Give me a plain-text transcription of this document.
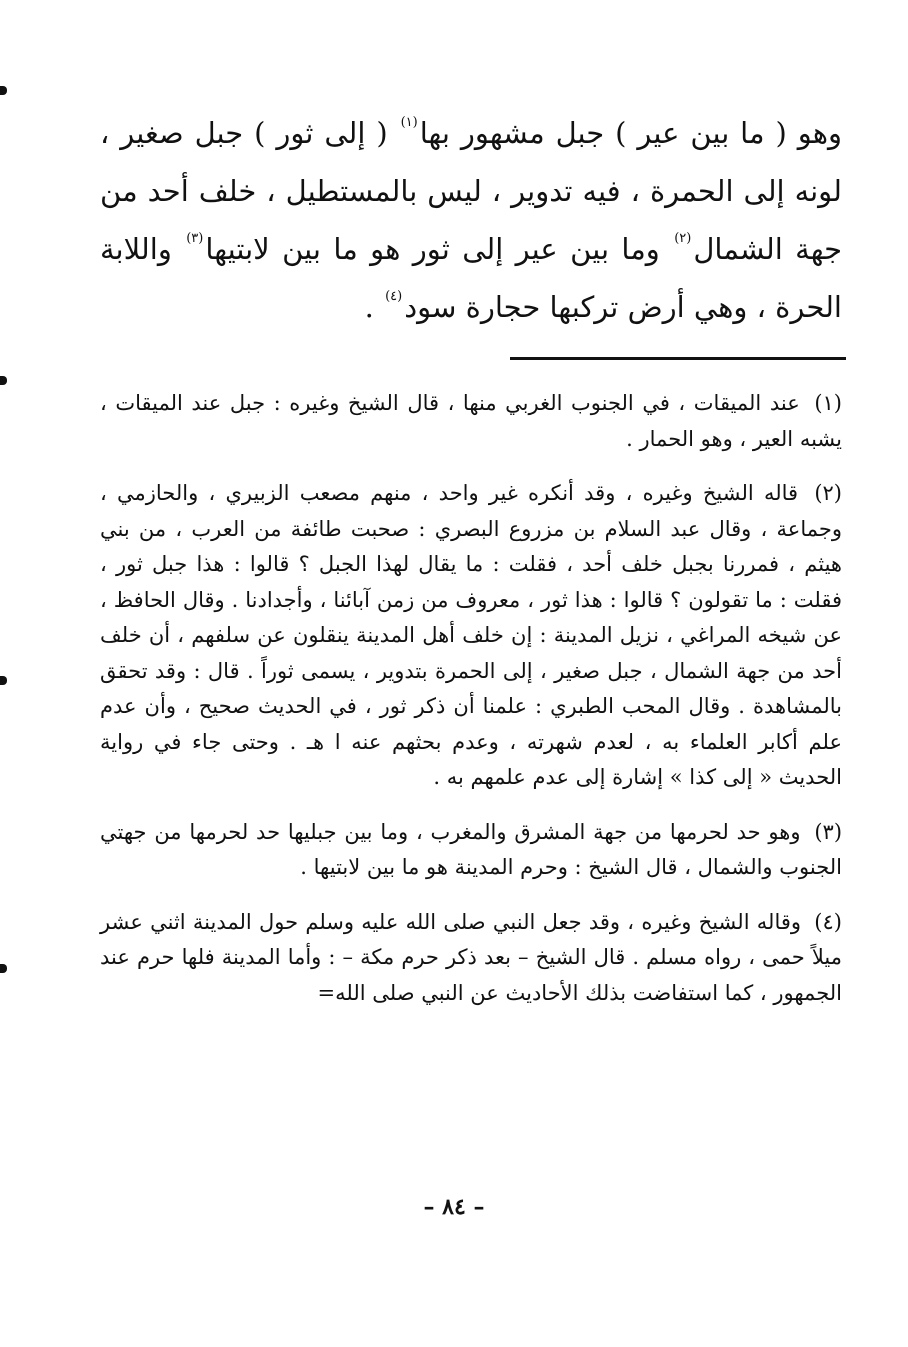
وهو ( ما بين عير ) جبل مشهور بها$^{(١)}$ ( إلى ثور ) جبل صغير ، لونه إلى الحمرة ، فيه تدوير ، ليس بالمستطيل ، خلف أحد من جهة الشمال$^{(٢)}$ وما بين عير إلى ثور هو ما بين لابتيها$^{(٣)}$ واللابة الحرة ، وهي أرض تركبها حجارة سود$^{(٤)}$ .

(١) عند الميقات ، في الجنوب الغربي منها ، قال الشيخ وغيره : جبل عند الميقات ، يشبه العير ، وهو الحمار .

(٢) قاله الشيخ وغيره ، وقد أنكره غير واحد ، منهم مصعب الزبيري ، والحازمي ، وجماعة ، وقال عبد السلام بن مزروع البصري : صحبت طائفة من العرب ، من بني هيثم ، فمررنا بجبل خلف أحد ، فقلت : ما يقال لهذا الجبل ؟ قالوا : هذا جبل ثور ، فقلت : ما تقولون ؟ قالوا : هذا ثور ، معروف من زمن آبائنا ، وأجدادنا . وقال الحافظ ، عن شيخه المراغي ، نزيل المدينة : إن خلف أهل المدينة ينقلون عن سلفهم ، أن خلف أحد من جهة الشمال ، جبل صغير ، إلى الحمرة بتدوير ، يسمى ثوراً . قال : وقد تحقق بالمشاهدة . وقال المحب الطبري : علمنا أن ذكر ثور ، في الحديث صحيح ، وأن عدم علم أكابر العلماء به ، لعدم شهرته ، وعدم بحثهم عنه ا هـ . وحتى جاء في رواية الحديث « إلى كذا » إشارة إلى عدم علمهم به .

(٣) وهو حد لحرمها من جهة المشرق والمغرب ، وما بين جبليها حد لحرمها من جهتي الجنوب والشمال ، قال الشيخ : وحرم المدينة هو ما بين لابتيها .

(٤) وقاله الشيخ وغيره ، وقد جعل النبي صلى الله عليه وسلم حول المدينة اثني عشر ميلاً حمى ، رواه مسلم . قال الشيخ – بعد ذكر حرم مكة – : وأما المدينة فلها حرم عند الجمهور ، كما استفاضت بذلك الأحاديث عن النبي صلى الله=

– ٨٤ –
